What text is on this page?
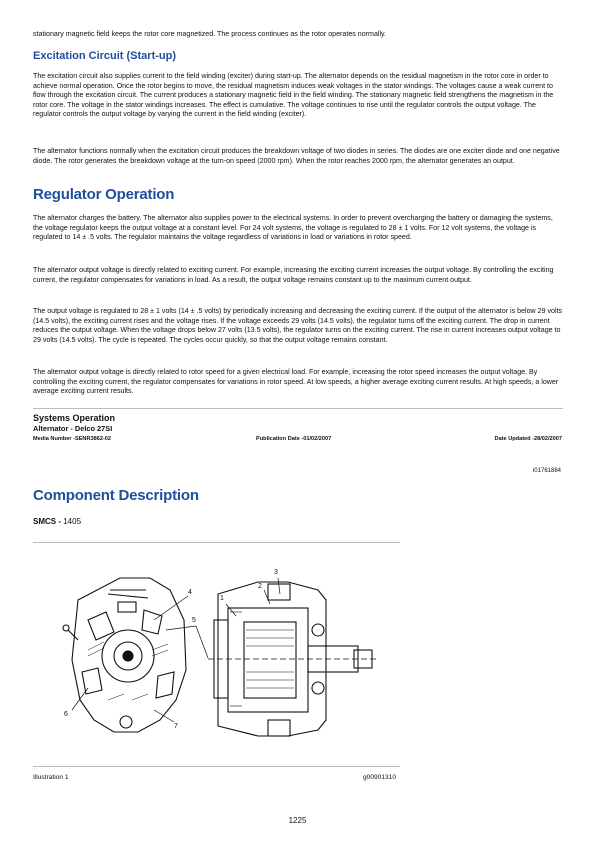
stationary magnetic field keeps the rotor core magnetized. The process continues as the rotor operates normally.

Excitation Circuit (Start-up)

The excitation circuit also supplies current to the field winding (exciter) during start-up. The alternator depends on the residual magnetism in the rotor core in order to achieve normal operation. Once the rotor begins to move, the residual magnetism induces weak voltages in the stator windings. The voltages cause a weak current to flow through the excitation circuit. The current produces a stationary magnetic field in the field winding. The stationary magnetic field strengthens the magnetism in the rotor core. The voltage in the stator windings increases. The effect is cumulative. The voltage continues to rise until the regulator controls the output voltage. The regulator controls the output voltage by varying the current in the field winding (exciter).

The alternator functions normally when the excitation circuit produces the breakdown voltage of two diodes in series. The diodes are one exciter diode and one negative diode. The rotor generates the breakdown voltage at the turn-on speed (2000 rpm). When the rotor reaches 2000 rpm, the alternator generates an output.

Regulator Operation

The alternator charges the battery. The alternator also supplies power to the electrical systems. In order to prevent overcharging the battery or damaging the systems, the voltage regulator keeps the output voltage at a constant level. For 24 volt systems, the voltage is regulated to 28 ± 1 volts. For 12 volt systems, the voltage is regulated to 14 ± .5 volts. The regulator maintains the voltage regardless of variations in load or variations in rotor speed.

The alternator output voltage is directly related to exciting current. For example, increasing the exciting current increases the output voltage. By controlling the exciting current, the regulator compensates for variations in load. As a result, the output voltage remains constant up to the maximum current output.

The output voltage is regulated to 28 ± 1 volts (14 ± .5 volts) by periodically increasing and decreasing the exciting current. If the output of the alternator is below 29 volts (14.5 volts), the exciting current rises and the voltage rises. If the voltage exceeds 29 volts (14.5 volts), the regulator turns off the exciting current. The drop in current reduces the output voltage. When the voltage drops below 27 volts (13.5 volts), the regulator turns on the exciting current. The rise in current increases output voltage to 29 volts (14.5 volts). The cycle is repeated. The cycles occur quickly, so that the output voltage remains constant.

The alternator output voltage is directly related to rotor speed for a given electrical load. For example, increasing the rotor speed increases the output voltage. By controlling the exciting current, the regulator compensates for variations in rotor speed. At low speeds, a higher average exciting current results. At high speeds, a lower average exciting current results.

Systems Operation

Alternator - Delco 27SI

Media Number -SENR3862-02	Publication Date -01/02/2007	Date Updated -28/02/2007

i01761884

Component Description

SMCS - 1405

1
2
3
4
5
6
7

Illustration 1	g00901310

1225
